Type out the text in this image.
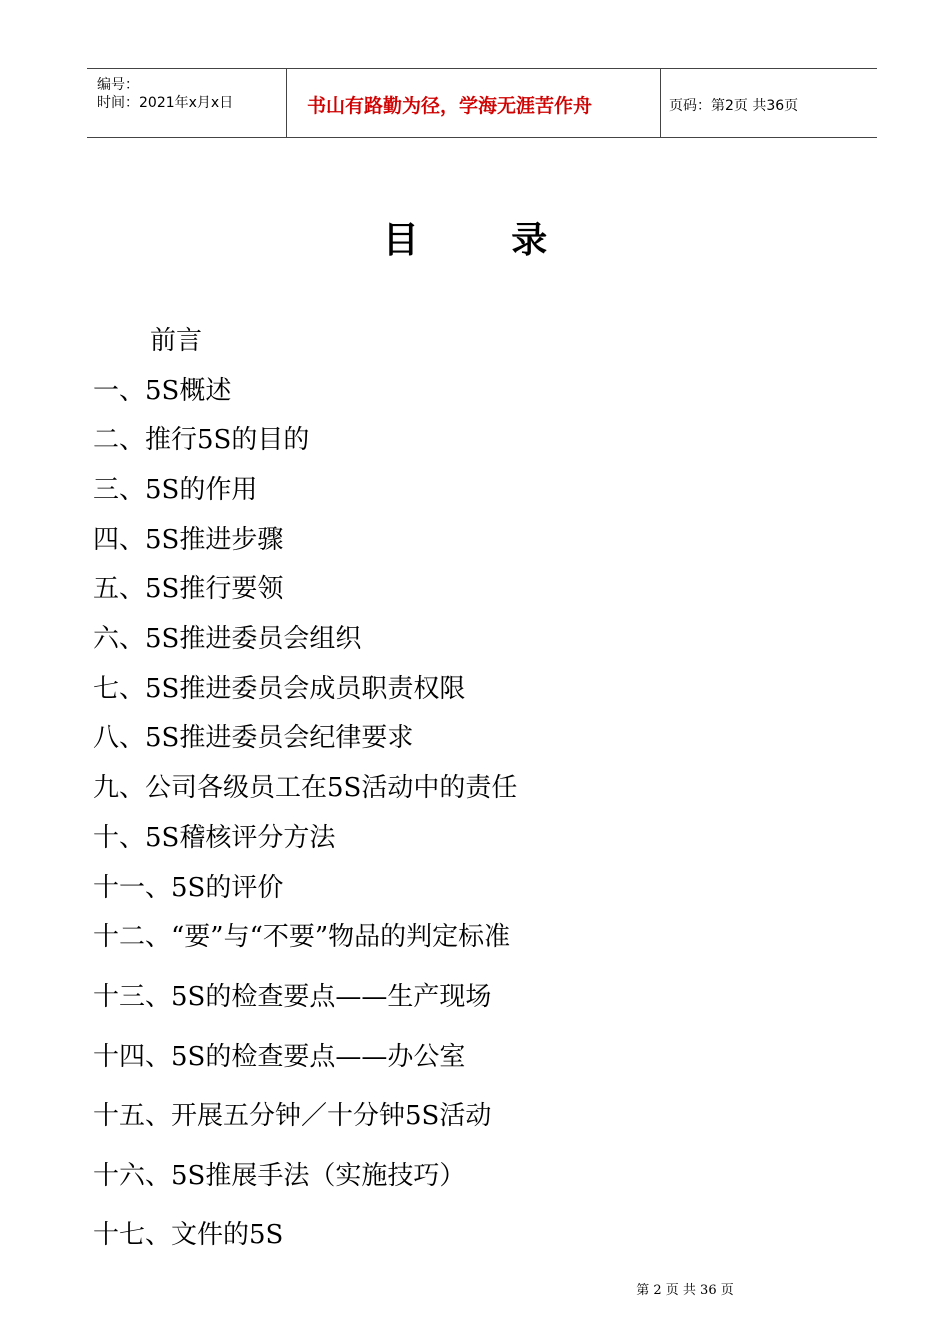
编号：
时间：2021年x月x日	书山有路勤为径，学海无涯苦作舟	页码：第2页 共36页
目 录
前言
一、5S概述
二、推行5S的目的
三、5S的作用
四、5S推进步骤
五、5S推行要领
六、5S推进委员会组织
七、5S推进委员会成员职责权限
八、5S推进委员会纪律要求
九、公司各级员工在5S活动中的责任
十、5S稽核评分方法
十一、5S的评价
十二、“要”与“不要”物品的判定标准
十三、5S的检查要点——生产现场
十四、5S的检查要点——办公室
十五、开展五分钟／十分钟5S活动
十六、5S推展手法（实施技巧）
十七、文件的5S
第 2 页 共 36 页
